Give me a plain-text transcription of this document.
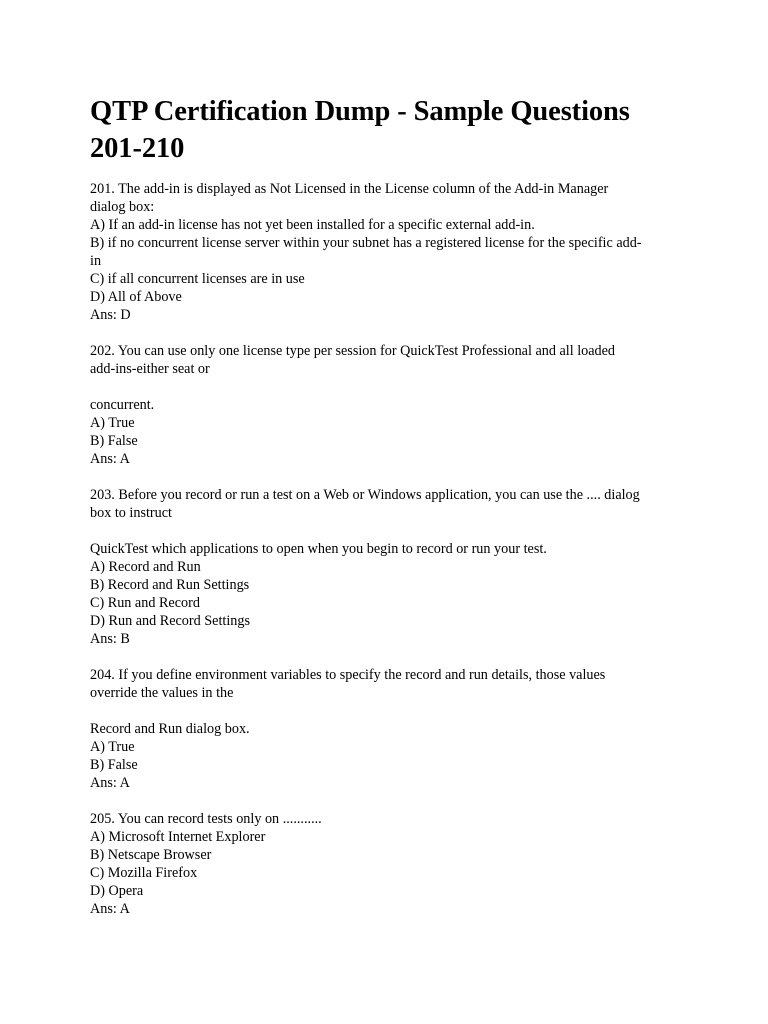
QTP Certification Dump - Sample Questions
201-210
201. The add-in is displayed as Not Licensed in the License column of the Add-in Manager
dialog box:
A) If an add-in license has not yet been installed for a specific external add-in.
B) if no concurrent license server within your subnet has a registered license for the specific add-
in
C) if all concurrent licenses are in use
D) All of Above
Ans: D
202. You can use only one license type per session for QuickTest Professional and all loaded
add-ins-either seat or
concurrent.
A) True
B) False
Ans: A
203. Before you record or run a test on a Web or Windows application, you can use the .... dialog
box to instruct
QuickTest which applications to open when you begin to record or run your test.
A) Record and Run
B) Record and Run Settings
C) Run and Record
D) Run and Record Settings
Ans: B
204. If you define environment variables to specify the record and run details, those values
override the values in the
Record and Run dialog box.
A) True
B) False
Ans: A
205. You can record tests only on ...........
A) Microsoft Internet Explorer
B) Netscape Browser
C) Mozilla Firefox
D) Opera
Ans: A
